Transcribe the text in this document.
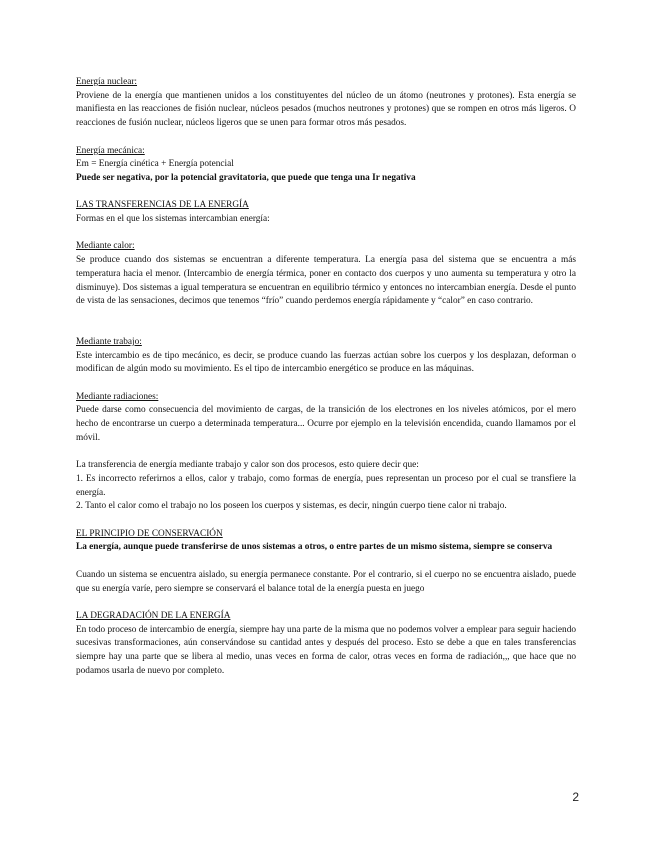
Energía nuclear:

Proviene de la energía que mantienen unidos a los constituyentes del núcleo de un átomo (neutrones y protones). Esta energía se manifiesta en las reacciones de fisión nuclear, núcleos pesados (muchos neutrones y protones) que se rompen en otros más ligeros. O reacciones de fusión nuclear, núcleos ligeros que se unen para formar otros más pesados.

Energía mecánica:

Em = Energía cinética + Energía potencial

Puede ser negativa, por la potencial gravitatoria, que puede que tenga una Ir negativa

LAS TRANSFERENCIAS DE LA ENERGÍA

Formas en el que los sistemas intercambian energía:

Mediante calor:

Se produce cuando dos sistemas se encuentran a diferente temperatura. La energía pasa del sistema que se encuentra a más temperatura hacia el menor. (Intercambio de energía térmica, poner en contacto dos cuerpos y uno aumenta su temperatura y otro la disminuye). Dos sistemas a igual temperatura se encuentran en equilibrio térmico y entonces no intercambian energía. Desde el punto de vista de las sensaciones, decimos que tenemos “frío” cuando perdemos energía rápidamente y “calor” en caso contrario.

Mediante trabajo:

Este intercambio es de tipo mecánico, es decir, se produce cuando las fuerzas actúan sobre los cuerpos y los desplazan, deforman o modifican de algún modo su movimiento. Es el tipo de intercambio energético se produce en las máquinas.

Mediante radiaciones:

Puede darse como consecuencia del movimiento de cargas, de la transición de los electrones en los niveles atómicos, por el mero hecho de encontrarse un cuerpo a determinada temperatura... Ocurre por ejemplo en la televisión encendida, cuando llamamos por el móvil.

La transferencia de energía mediante trabajo y calor son dos procesos, esto quiere decir que:

1. Es incorrecto referirnos a ellos, calor y trabajo, como formas de energía, pues representan un proceso por el cual se transfiere la energía.

2. Tanto el calor como el trabajo no los poseen los cuerpos y sistemas, es decir, ningún cuerpo tiene calor ni trabajo.

EL PRINCIPIO DE CONSERVACIÓN

La energía, aunque puede transferirse de unos sistemas a otros, o entre partes de un mismo sistema, siempre se conserva

Cuando un sistema se encuentra aislado, su energía permanece constante. Por el contrario, si el cuerpo no se encuentra aislado, puede que su energía varíe, pero siempre se conservará el balance total de la energía puesta en juego

LA DEGRADACIÓN DE LA ENERGÍA

En todo proceso de intercambio de energía, siempre hay una parte de la misma que no podemos volver a emplear para seguir haciendo sucesivas transformaciones, aún conservándose su cantidad antes y después del proceso. Esto se debe a que en tales transferencias siempre hay una parte que se libera al medio, unas veces en forma de calor, otras veces en forma de radiación,,, que hace que no podamos usarla de nuevo por completo.

2
